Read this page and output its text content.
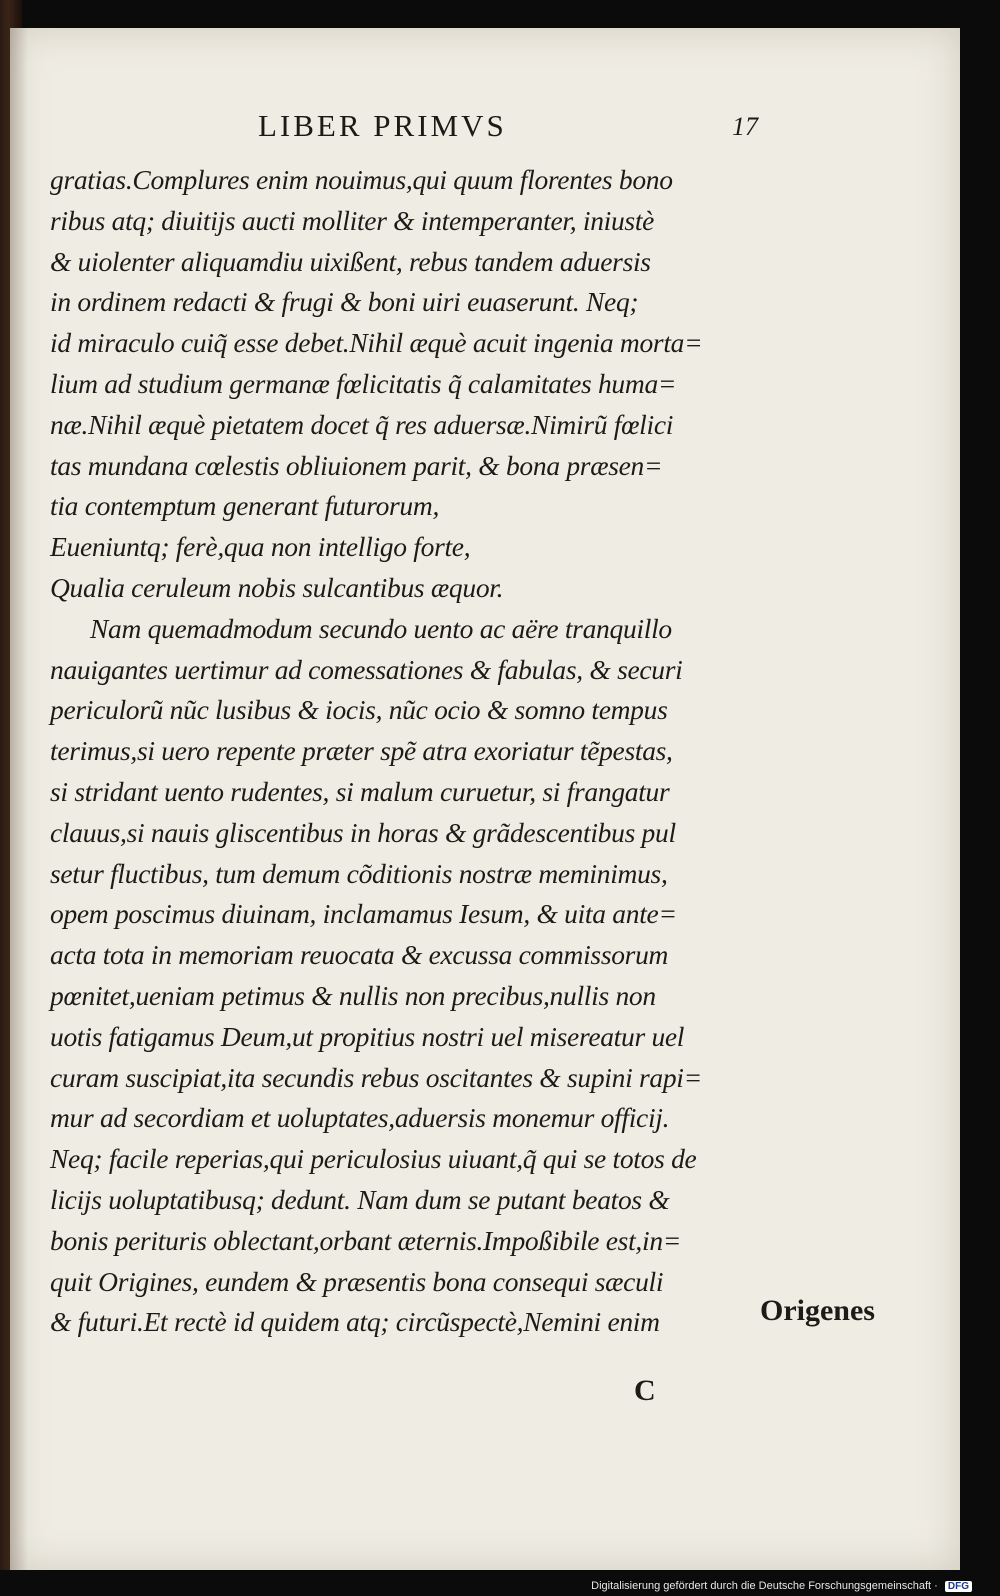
LIBER PRIMVS	17
gratias.Complures enim nouimus,qui quum florentes bono
ribus atq; diuitijs aucti molliter & intemperanter, iniustè
& uiolenter aliquamdiu uixißent, rebus tandem aduersis
in ordinem redacti & frugi & boni uiri euaserunt. Neq;
id miraculo cuiq̃ esse debet.Nihil æquè acuit ingenia morta=
lium ad studium germanæ fœlicitatis q̃ calamitates huma=
næ.Nihil æquè pietatem docet q̃ res aduersæ.Nimirũ fœlici
tas mundana cœlestis obliuionem parit, & bona præsen=
tia contemptum generant futurorum,
Eueniuntq; ferè,qua non intelligo forte,
Qualia ceruleum nobis sulcantibus æquor.
Nam quemadmodum secundo uento ac aëre tranquillo
nauigantes uertimur ad comessationes & fabulas, & securi
periculorũ nũc lusibus & iocis, nũc ocio & somno tempus
terimus,si uero repente præter spẽ atra exoriatur tẽpestas,
si stridant uento rudentes, si malum curuetur, si frangatur
clauus,si nauis gliscentibus in horas & grãdescentibus pul
setur fluctibus, tum demum cõditionis nostræ meminimus,
opem poscimus diuinam, inclamamus Iesum, & uita ante=
acta tota in memoriam reuocata & excussa commissorum
pœnitet,ueniam petimus & nullis non precibus,nullis non
uotis fatigamus Deum,ut propitius nostri uel misereatur uel
curam suscipiat,ita secundis rebus oscitantes & supini rapi=
mur ad secordiam et uoluptates,aduersis monemur officij.
Neq; facile reperias,qui periculosius uiuant,q̃ qui se totos de
licijs uoluptatibusq; dedunt. Nam dum se putant beatos &
bonis perituris oblectant,orbant æternis.Impoßibile est,in=
quit Origines, eundem & præsentis bona consequi sæculi
& futuri.Et rectè id quidem atq; circũspectè,Nemini enim	Origenes
C
Digitalisierung gefördert durch die Deutsche Forschungsgemeinschaft · DFG
